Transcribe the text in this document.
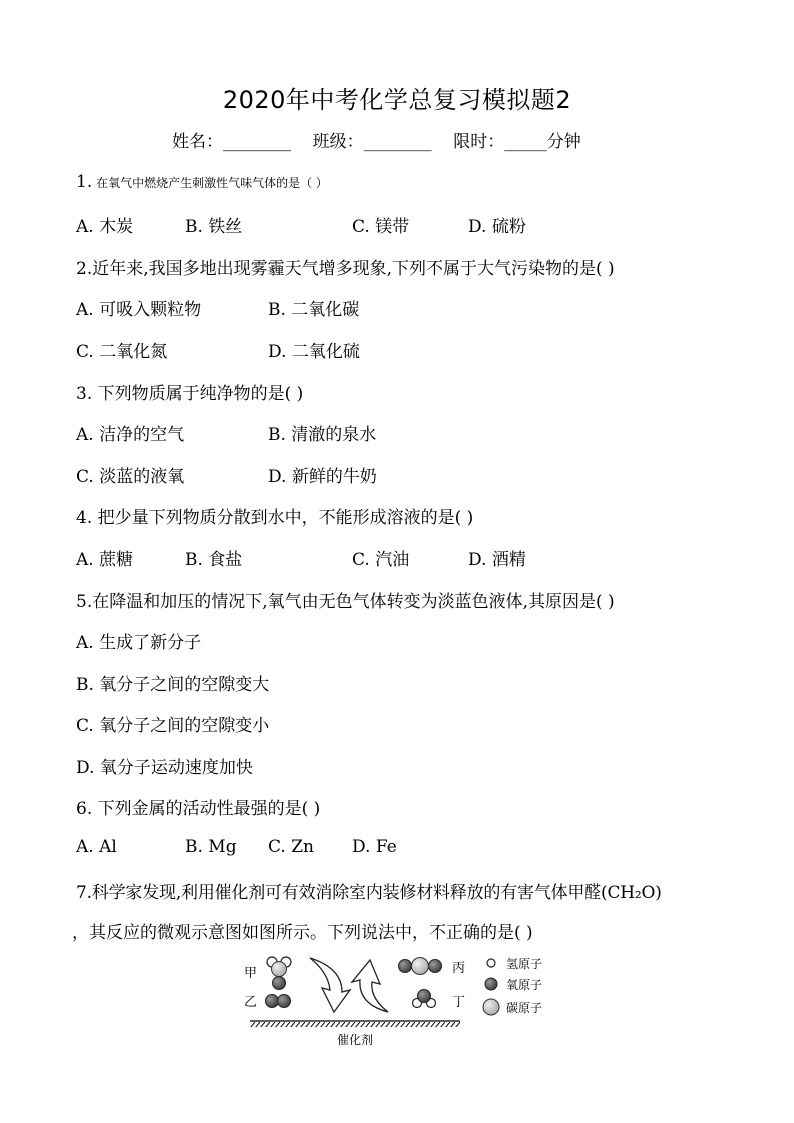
2020年中考化学总复习模拟题2
姓名：________ 班级：________ 限时：_____分钟
1. 在氧气中燃烧产生刺激性气味气体的是（ ）
A. 木炭	B. 铁丝	C. 镁带	D. 硫粉
2.近年来,我国多地出现雾霾天气增多现象,下列不属于大气污染物的是( )
A. 可吸入颗粒物	B. 二氧化碳
C. 二氧化氮	D. 二氧化硫
3. 下列物质属于纯净物的是( )
A. 洁净的空气	B. 清澈的泉水
C. 淡蓝的液氧	D. 新鲜的牛奶
4. 把少量下列物质分散到水中，不能形成溶液的是( )
A. 蔗糖	B. 食盐	C. 汽油	D. 酒精
5.在降温和加压的情况下,氧气由无色气体转变为淡蓝色液体,其原因是( )
A. 生成了新分子
B. 氧分子之间的空隙变大
C. 氧分子之间的空隙变小
D. 氧分子运动速度加快
6. 下列金属的活动性最强的是( )
A. Al	B. Mg C. Zn D. Fe
7.科学家发现,利用催化剂可有效消除室内装修材料释放的有害气体甲醛(CH₂O)
，其反应的微观示意图如图所示。下列说法中，不正确的是( )
甲
乙
丙
丁
氢原子
氧原子
碳原子
催化剂
